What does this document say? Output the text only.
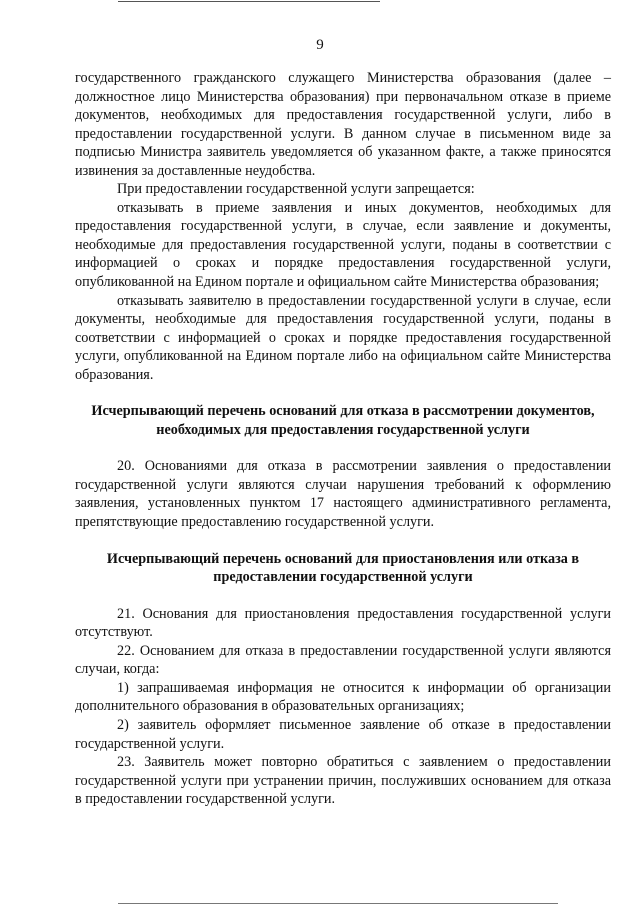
9

государственного гражданского служащего Министерства образования (далее – должностное лицо Министерства образования) при первоначальном отказе в приеме документов, необходимых для предоставления государственной услуги, либо в предоставлении государственной услуги. В данном случае в письменном виде за подписью Министра заявитель уведомляется об указанном факте, а также приносятся извинения за доставленные неудобства.

При предоставлении государственной услуги запрещается:

отказывать в приеме заявления и иных документов, необходимых для предоставления государственной услуги, в случае, если заявление и документы, необходимые для предоставления государственной услуги, поданы в соответствии с информацией о сроках и порядке предоставления государственной услуги, опубликованной на Едином портале и официальном сайте Министерства образования;

отказывать заявителю в предоставлении государственной услуги в случае, если документы, необходимые для предоставления государственной услуги, поданы в соответствии с информацией о сроках и порядке предоставления государственной услуги, опубликованной на Едином портале либо на официальном сайте Министерства образования.

Исчерпывающий перечень оснований для отказа в рассмотрении документов, необходимых для предоставления государственной услуги

20. Основаниями для отказа в рассмотрении заявления о предоставлении государственной услуги являются случаи нарушения требований к оформлению заявления, установленных пунктом 17 настоящего административного регламента, препятствующие предоставлению государственной услуги.

Исчерпывающий перечень оснований для приостановления или отказа в предоставлении государственной услуги

21. Основания для приостановления предоставления государственной услуги отсутствуют.

22. Основанием для отказа в предоставлении государственной услуги являются случаи, когда:

1) запрашиваемая информация не относится к информации об организации дополнительного образования в образовательных организациях;

2) заявитель оформляет письменное заявление об отказе в предоставлении государственной услуги.

23. Заявитель может повторно обратиться с заявлением о предоставлении государственной услуги при устранении причин, послуживших основанием для отказа в предоставлении государственной услуги.
